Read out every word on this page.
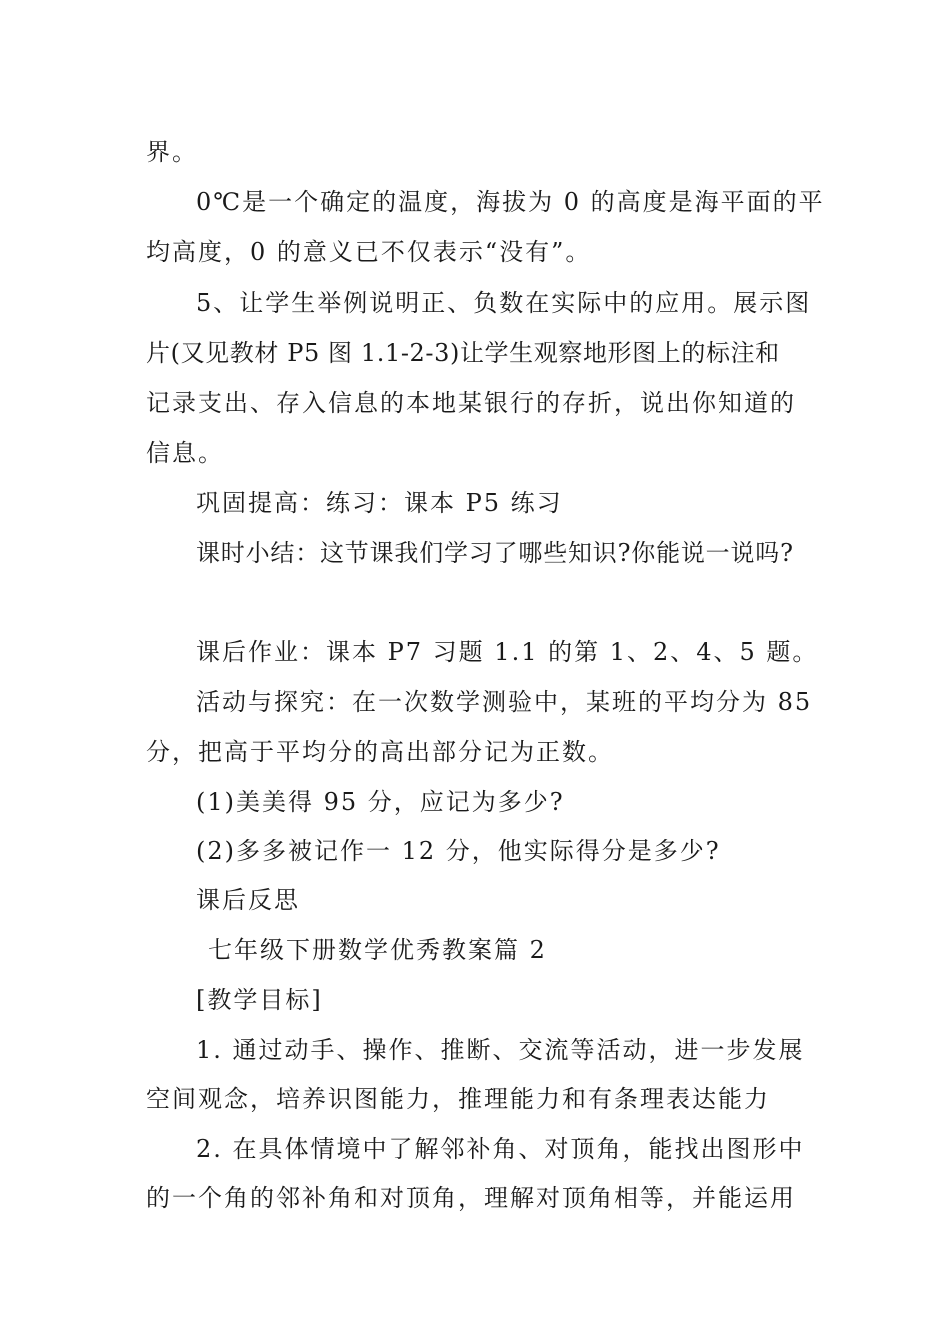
界。
0℃是一个确定的温度，海拔为 0 的高度是海平面的平
均高度，0 的意义已不仅表示“没有”。
5、让学生举例说明正、负数在实际中的应用。展示图
片(又见教材 P5 图 1.1-2-3)让学生观察地形图上的标注和
记录支出、存入信息的本地某银行的存折，说出你知道的
信息。
巩固提高：练习：课本 P5 练习
课时小结：这节课我们学习了哪些知识?你能说一说吗?
课后作业：课本 P7 习题 1.1 的第 1、2、4、5 题。
活动与探究：在一次数学测验中，某班的平均分为 85
分，把高于平均分的高出部分记为正数。
(1)美美得 95 分，应记为多少?
(2)多多被记作一 12 分，他实际得分是多少?
课后反思
七年级下册数学优秀教案篇 2
[教学目标]
1. 通过动手、操作、推断、交流等活动，进一步发展
空间观念，培养识图能力，推理能力和有条理表达能力
2. 在具体情境中了解邻补角、对顶角，能找出图形中
的一个角的邻补角和对顶角，理解对顶角相等，并能运用
